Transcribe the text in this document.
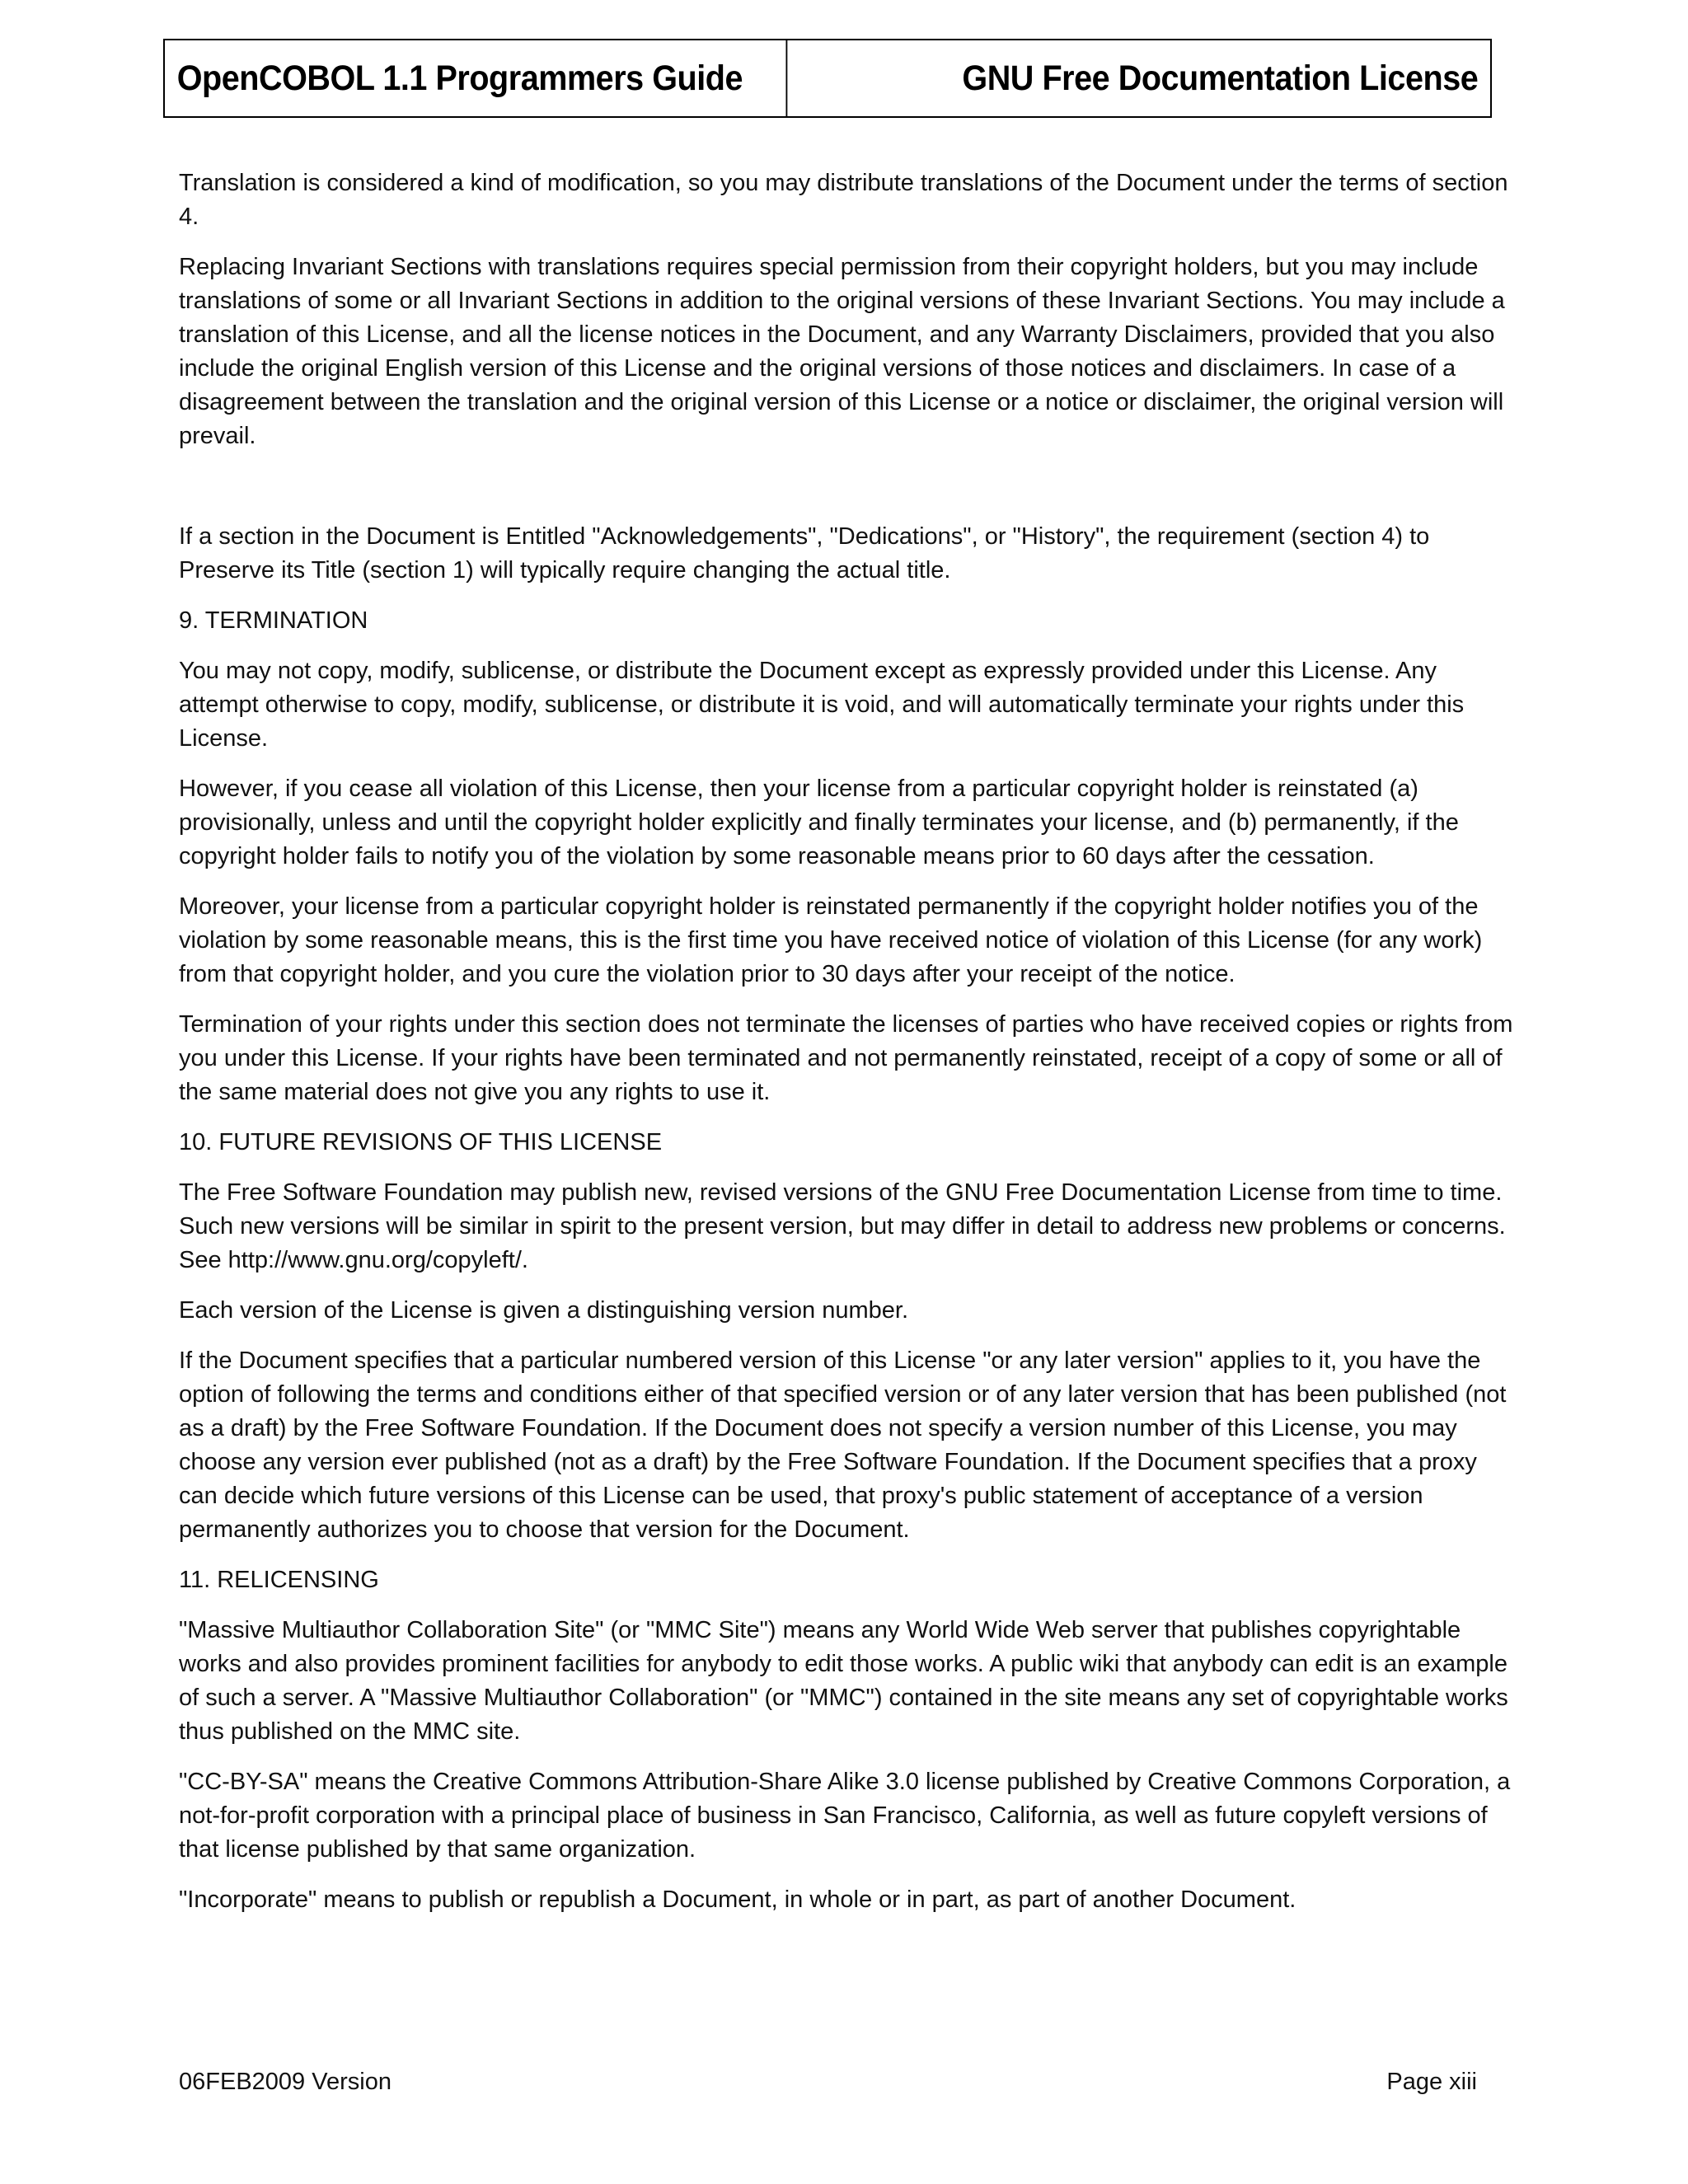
OpenCOBOL 1.1 Programmers Guide	GNU Free Documentation License

Translation is considered a kind of modification, so you may distribute translations of the Document under the terms of section 4.

Replacing Invariant Sections with translations requires special permission from their copyright holders, but you may include translations of some or all Invariant Sections in addition to the original versions of these Invariant Sections. You may include a translation of this License, and all the license notices in the Document, and any Warranty Disclaimers, provided that you also include the original English version of this License and the original versions of those notices and disclaimers. In case of a disagreement between the translation and the original version of this License or a notice or disclaimer, the original version will prevail.

If a section in the Document is Entitled "Acknowledgements", "Dedications", or "History", the requirement (section 4) to Preserve its Title (section 1) will typically require changing the actual title.

9. TERMINATION

You may not copy, modify, sublicense, or distribute the Document except as expressly provided under this License. Any attempt otherwise to copy, modify, sublicense, or distribute it is void, and will automatically terminate your rights under this License.

However, if you cease all violation of this License, then your license from a particular copyright holder is reinstated (a) provisionally, unless and until the copyright holder explicitly and finally terminates your license, and (b) permanently, if the copyright holder fails to notify you of the violation by some reasonable means prior to 60 days after the cessation.

Moreover, your license from a particular copyright holder is reinstated permanently if the copyright holder notifies you of the violation by some reasonable means, this is the first time you have received notice of violation of this License (for any work) from that copyright holder, and you cure the violation prior to 30 days after your receipt of the notice.

Termination of your rights under this section does not terminate the licenses of parties who have received copies or rights from you under this License. If your rights have been terminated and not permanently reinstated, receipt of a copy of some or all of the same material does not give you any rights to use it.

10. FUTURE REVISIONS OF THIS LICENSE

The Free Software Foundation may publish new, revised versions of the GNU Free Documentation License from time to time. Such new versions will be similar in spirit to the present version, but may differ in detail to address new problems or concerns. See http://www.gnu.org/copyleft/.

Each version of the License is given a distinguishing version number.

If the Document specifies that a particular numbered version of this License "or any later version" applies to it, you have the option of following the terms and conditions either of that specified version or of any later version that has been published (not as a draft) by the Free Software Foundation. If the Document does not specify a version number of this License, you may choose any version ever published (not as a draft) by the Free Software Foundation. If the Document specifies that a proxy can decide which future versions of this License can be used, that proxy's public statement of acceptance of a version permanently authorizes you to choose that version for the Document.

11. RELICENSING

"Massive Multiauthor Collaboration Site" (or "MMC Site") means any World Wide Web server that publishes copyrightable works and also provides prominent facilities for anybody to edit those works. A public wiki that anybody can edit is an example of such a server. A "Massive Multiauthor Collaboration" (or "MMC") contained in the site means any set of copyrightable works thus published on the MMC site.

"CC-BY-SA" means the Creative Commons Attribution-Share Alike 3.0 license published by Creative Commons Corporation, a not-for-profit corporation with a principal place of business in San Francisco, California, as well as future copyleft versions of that license published by that same organization.

"Incorporate" means to publish or republish a Document, in whole or in part, as part of another Document.

06FEB2009 Version	Page xiii
